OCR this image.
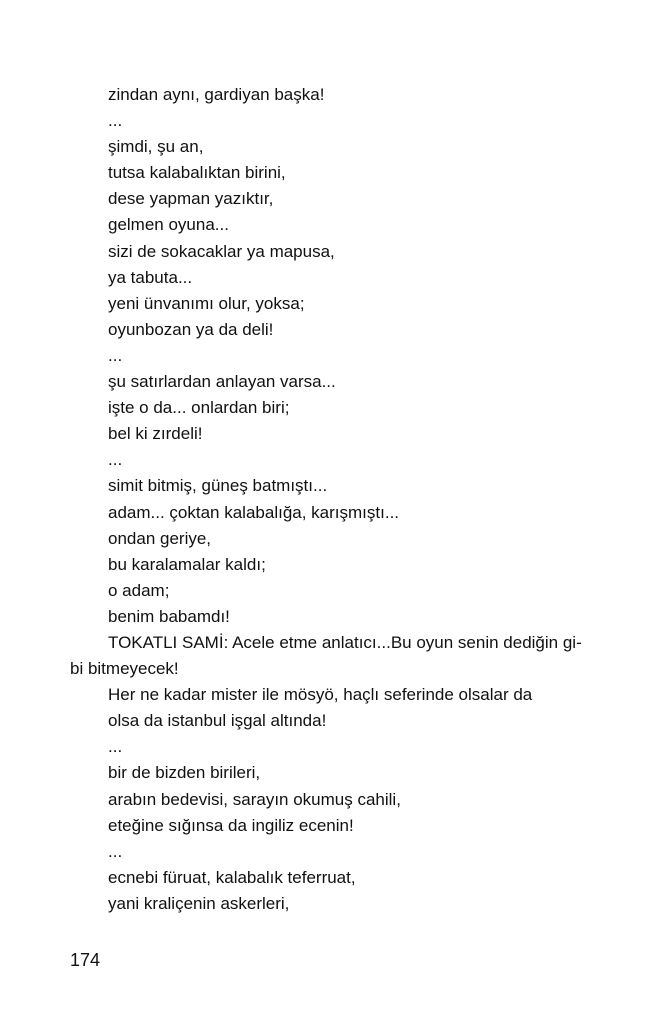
zindan aynı, gardiyan başka!
...
şimdi, şu an,
tutsa kalabalıktan birini,
dese yapman yazıktır,
gelmen oyuna...
sizi de sokacaklar ya mapusa,
ya tabuta...
yeni ünvanımı olur, yoksa;
oyunbozan ya da deli!
...
şu satırlardan anlayan varsa...
işte o da... onlardan biri;
bel ki zırdeli!
...
simit bitmiş, güneş batmıştı...
adam... çoktan kalabalığa, karışmıştı...
ondan geriye,
bu karalamalar kaldı;
o adam;
benim babamdı!
TOKATLI SAMİ: Acele etme anlatıcı...Bu oyun senin dediğin gi-
bi bitmeyecek!
Her ne kadar mister ile mösyö, haçlı seferinde olsalar da
olsa da istanbul işgal altında!
...
bir de bizden birileri,
arabın bedevisi, sarayın okumuş cahili,
eteğine sığınsa da ingiliz ecenin!
...
ecnebi füruat, kalabalık teferruat,
yani kraliçenin askerleri,
174
